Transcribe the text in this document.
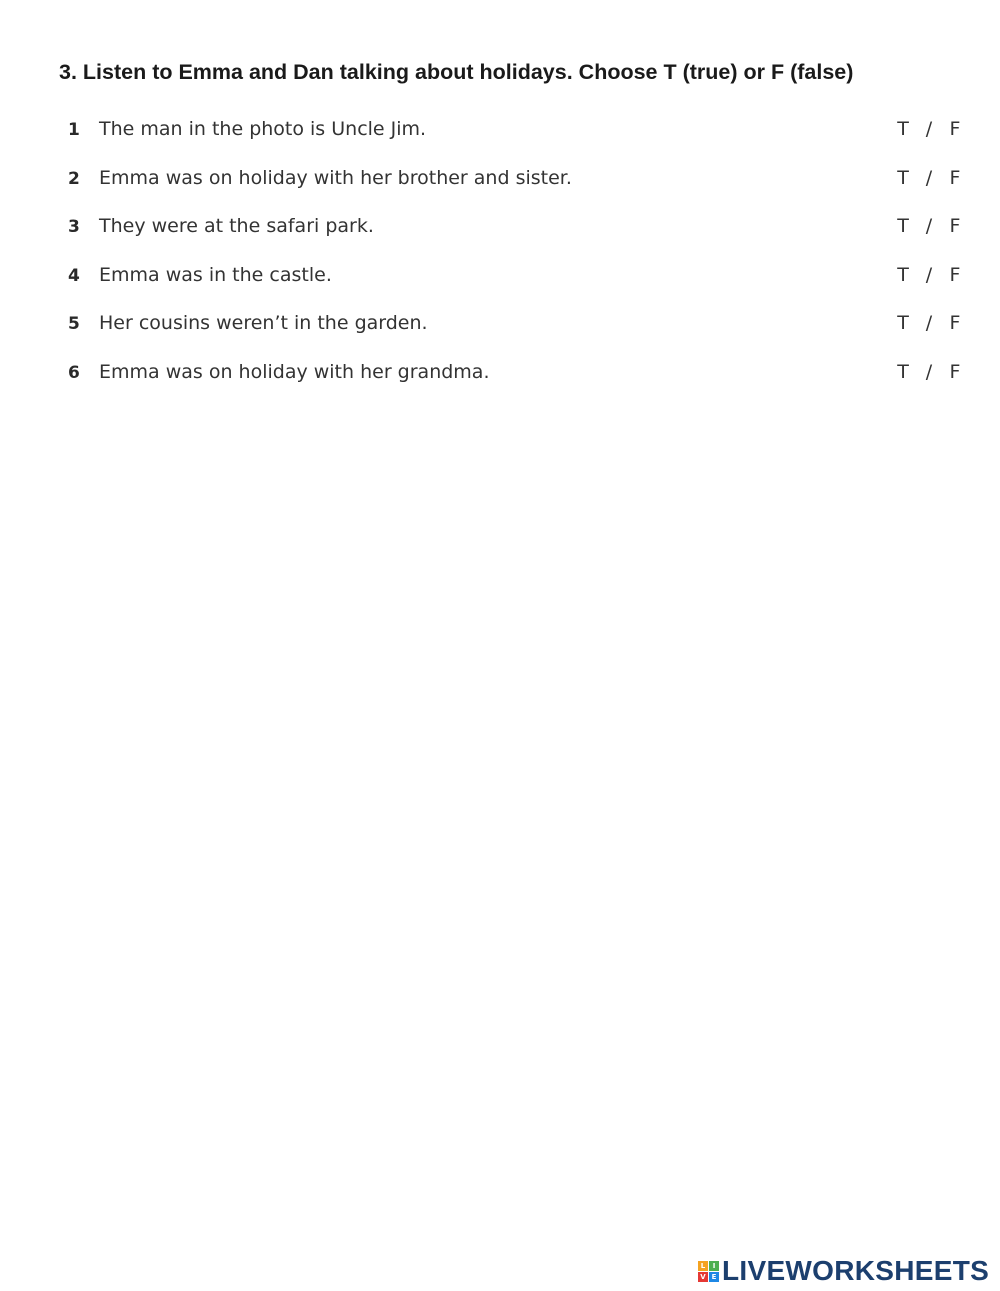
3. Listen to Emma and Dan talking about holidays. Choose T (true) or F (false)
1 The man in the photo is Uncle Jim.	T / F
2 Emma was on holiday with her brother and sister.	T / F
3 They were at the safari park.	T / F
4 Emma was in the castle.	T / F
5 Her cousins weren’t in the garden.	T / F
6 Emma was on holiday with her grandma.	T / F
L	I
V E LIVEWORKSHEETS
